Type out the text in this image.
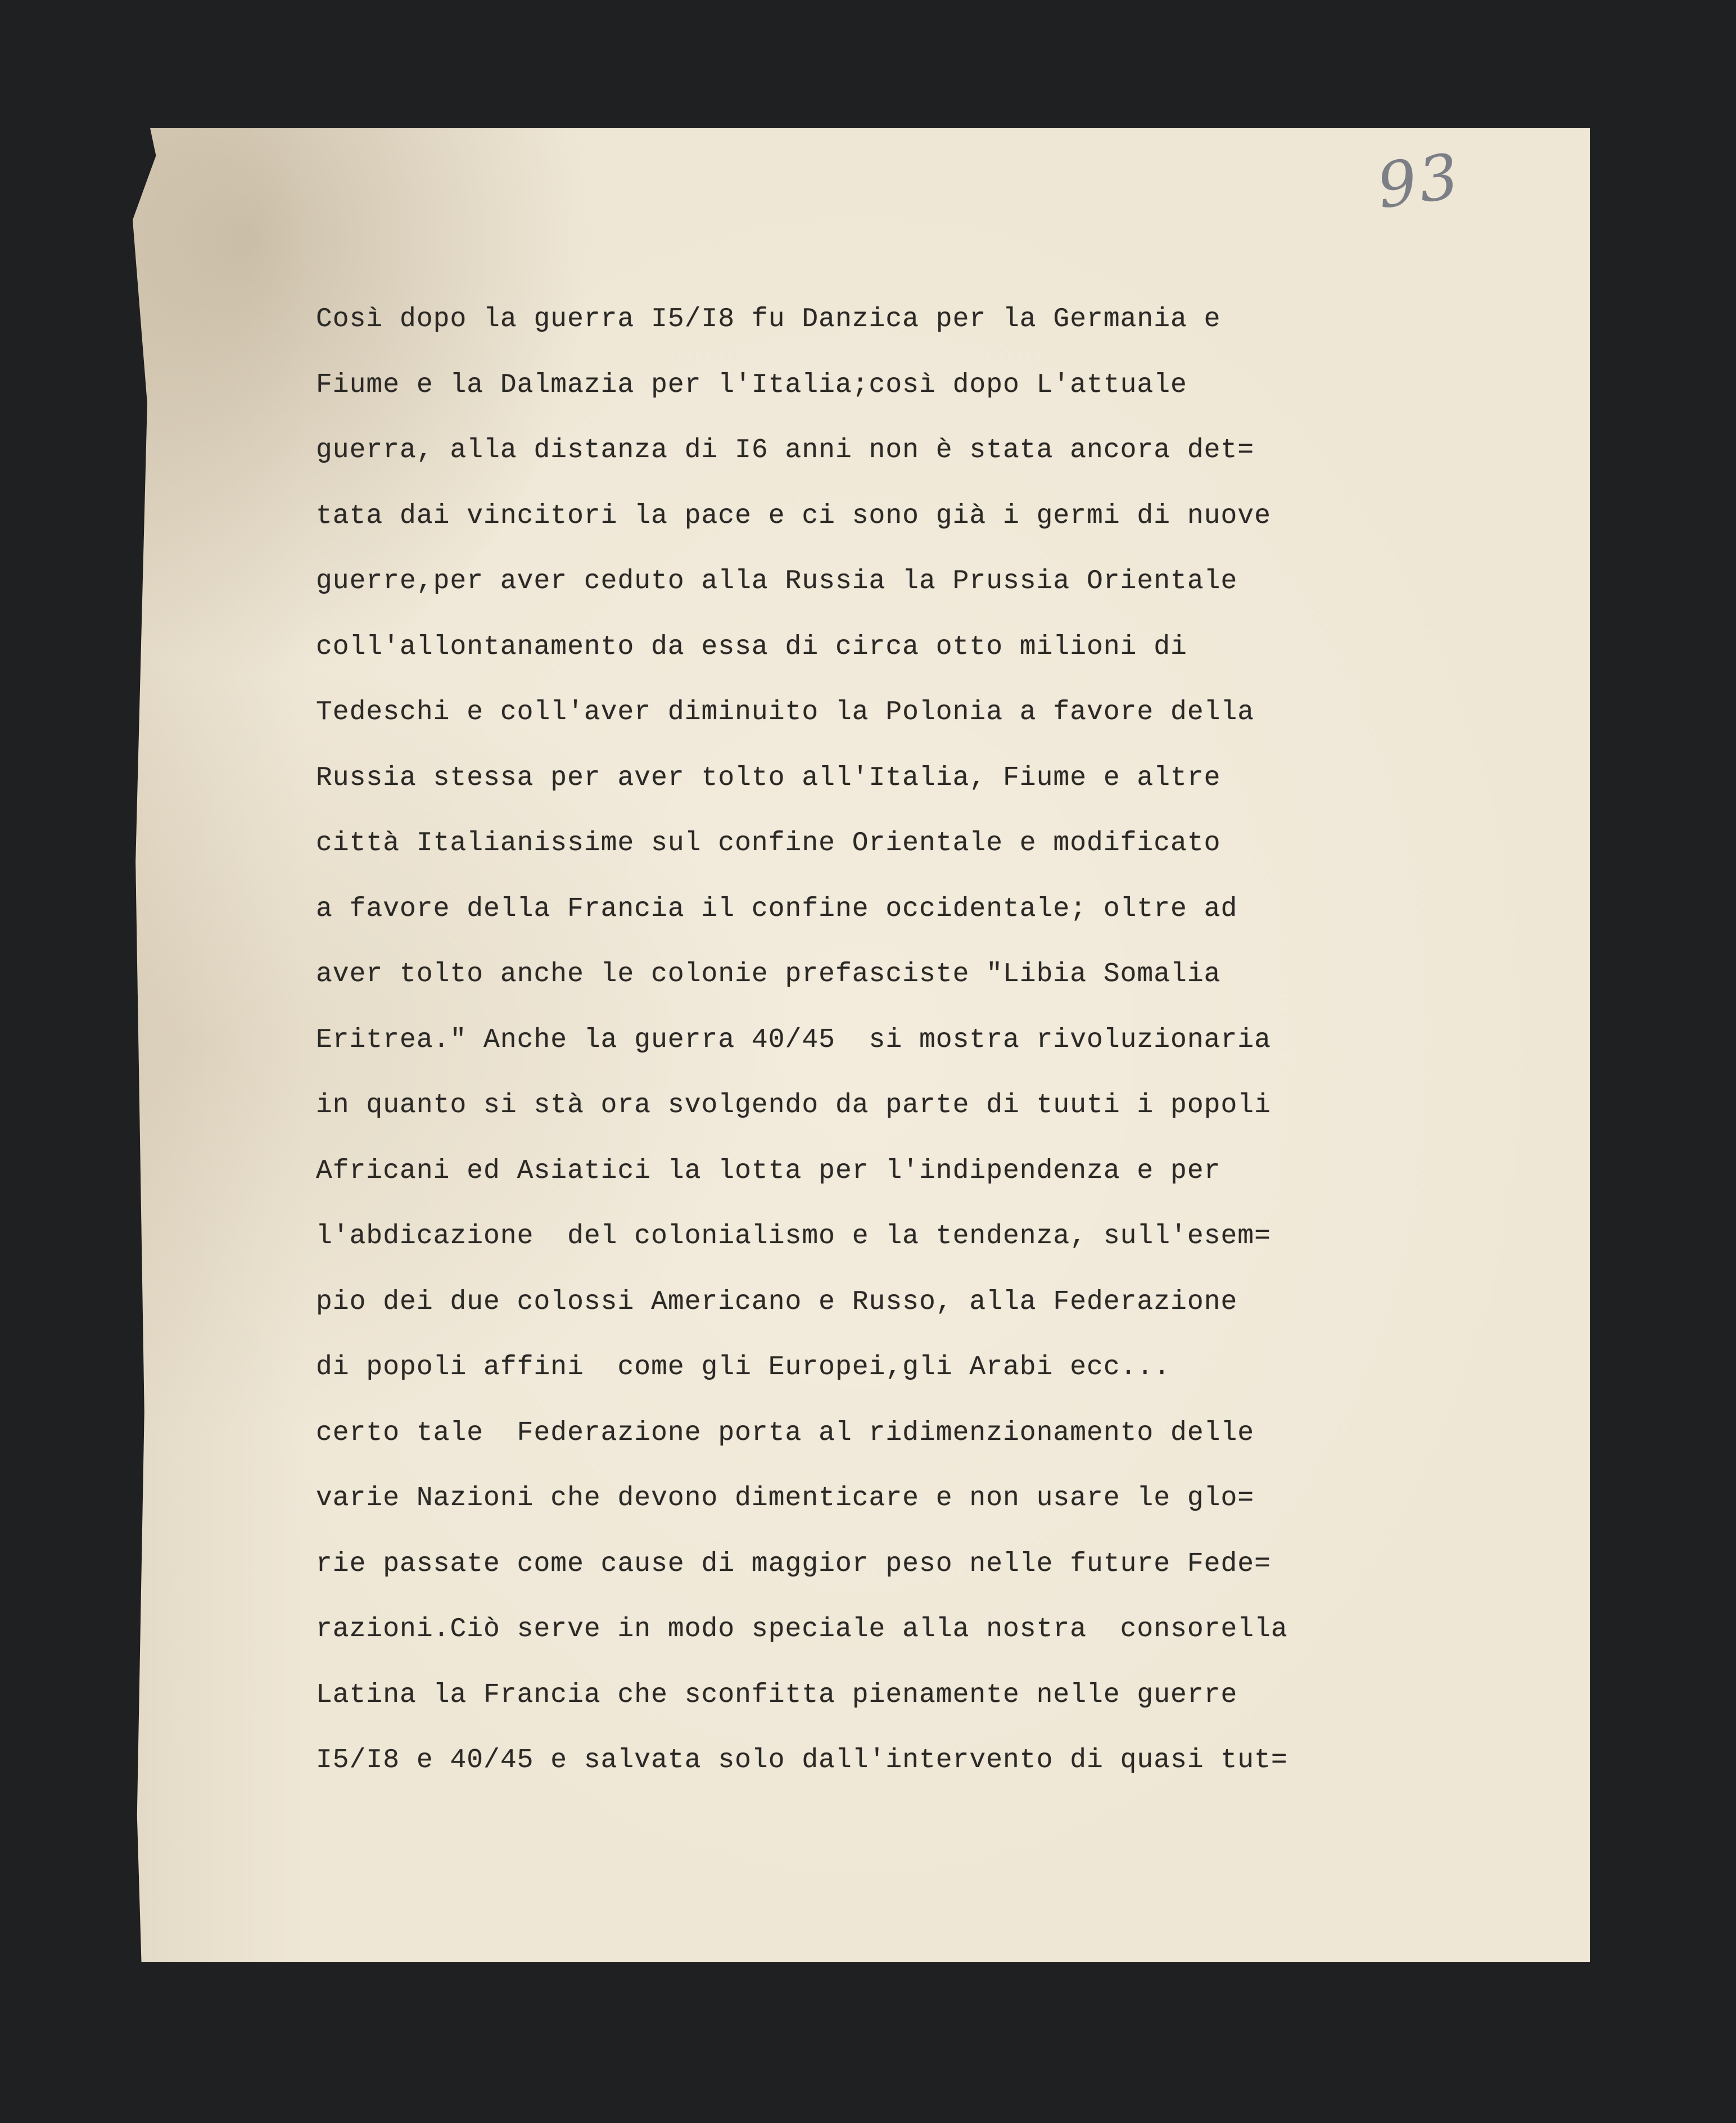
93
Così dopo la guerra I5/I8 fu Danzica per la Germania e
Fiume e la Dalmazia per l'Italia;così dopo L'attuale
guerra, alla distanza di I6 anni non è stata ancora det=
tata dai vincitori la pace e ci sono già i germi di nuove
guerre,per aver ceduto alla Russia la Prussia Orientale
coll'allontanamento da essa di circa otto milioni di
Tedeschi e coll'aver diminuito la Polonia a favore della
Russia stessa per aver tolto all'Italia, Fiume e altre
città Italianissime sul confine Orientale e modificato
a favore della Francia il confine occidentale; oltre ad
aver tolto anche le colonie prefasciste "Libia Somalia
Eritrea." Anche la guerra 40/45  si mostra rivoluzionaria
in quanto si stà ora svolgendo da parte di tuuti i popoli
Africani ed Asiatici la lotta per l'indipendenza e per
l'abdicazione  del colonialismo e la tendenza, sull'esem=
pio dei due colossi Americano e Russo, alla Federazione
di popoli affini  come gli Europei,gli Arabi ecc...
certo tale  Federazione porta al ridimenzionamento delle
varie Nazioni che devono dimenticare e non usare le glo=
rie passate come cause di maggior peso nelle future Fede=
razioni.Ciò serve in modo speciale alla nostra  consorella
Latina la Francia che sconfitta pienamente nelle guerre
I5/I8 e 40/45 e salvata solo dall'intervento di quasi tut=
